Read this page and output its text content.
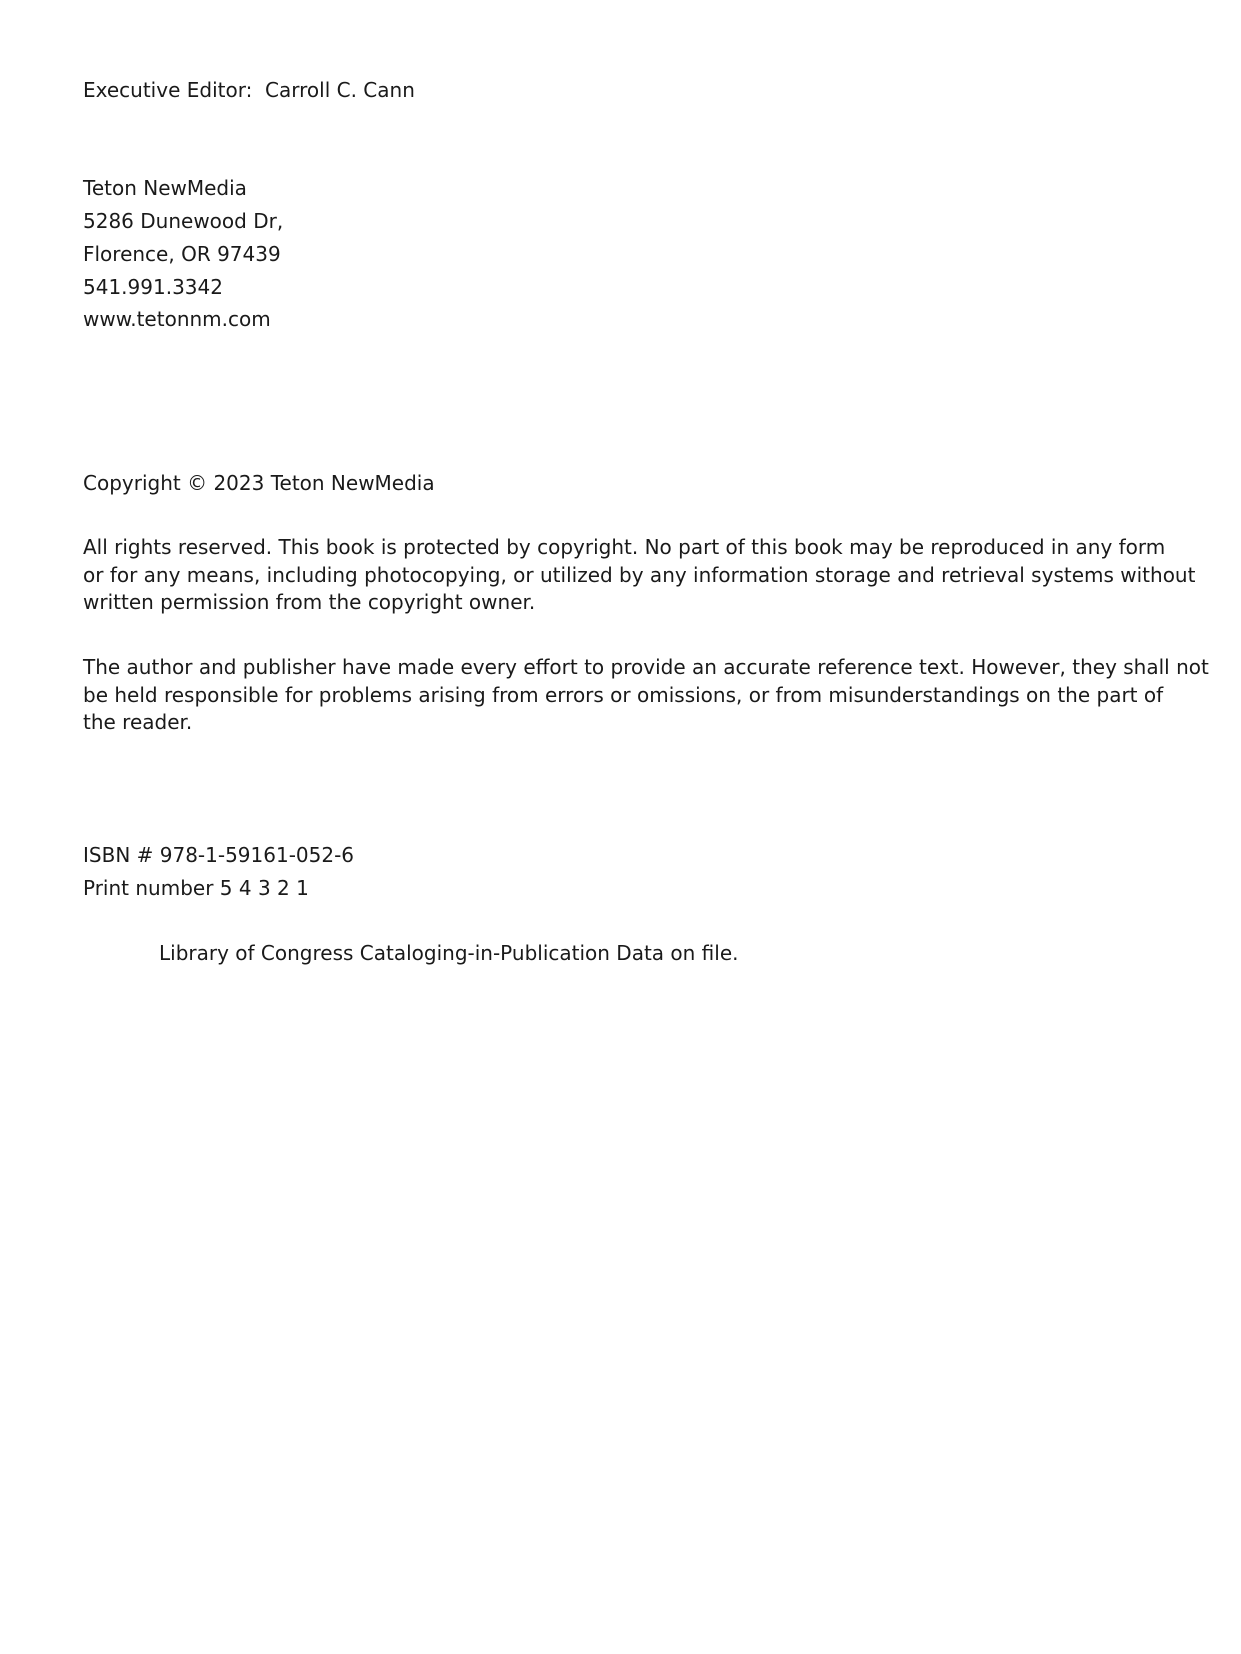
Executive Editor: Carroll C. Cann
Teton NewMedia
5286 Dunewood Dr,
Florence, OR 97439
541.991.3342
www.tetonnm.com
Copyright © 2023 Teton NewMedia
All rights reserved. This book is protected by copyright. No part of this book may be reproduced in any form
or for any means, including photocopying, or utilized by any information storage and retrieval systems without
written permission from the copyright owner.
The author and publisher have made every effort to provide an accurate reference text. However, they shall not
be held responsible for problems arising from errors or omissions, or from misunderstandings on the part of
the reader.
ISBN # 978-1-59161-052-6
Print number 5 4 3 2 1
Library of Congress Cataloging-in-Publication Data on file.
